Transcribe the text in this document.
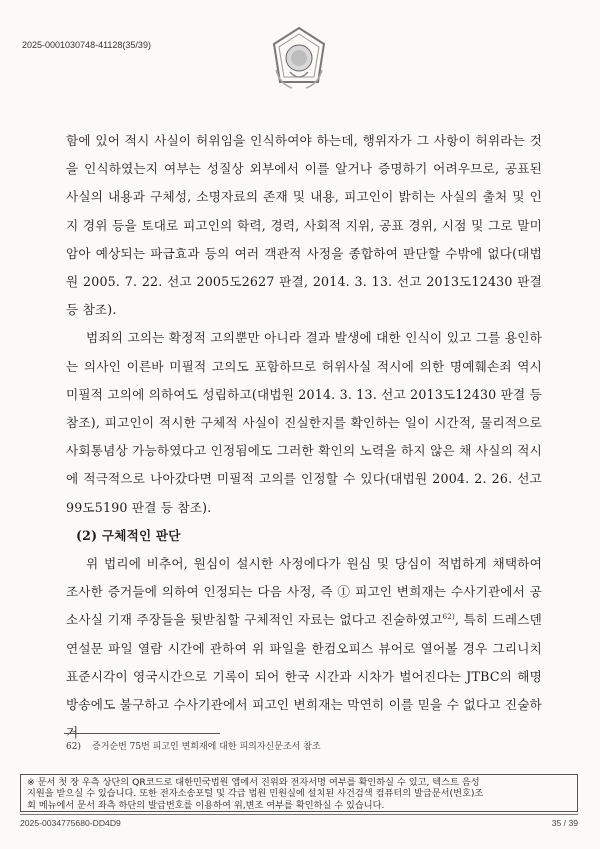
2025-0001030748-41128(35/39)

함에 있어 적시 사실이 허위임을 인식하여야 하는데, 행위자가 그 사항이 허위라는 것을 인식하였는지 여부는 성질상 외부에서 이를 알거나 증명하기 어려우므로, 공표된 사실의 내용과 구체성, 소명자료의 존재 및 내용, 피고인이 밝히는 사실의 출처 및 인지 경위 등을 토대로 피고인의 학력, 경력, 사회적 지위, 공표 경위, 시점 및 그로 말미암아 예상되는 파급효과 등의 여러 객관적 사정을 종합하여 판단할 수밖에 없다(대법원 2005. 7. 22. 선고 2005도2627 판결, 2014. 3. 13. 선고 2013도12430 판결 등 참조).

범죄의 고의는 확정적 고의뿐만 아니라 결과 발생에 대한 인식이 있고 그를 용인하는 의사인 이른바 미필적 고의도 포함하므로 허위사실 적시에 의한 명예훼손죄 역시 미필적 고의에 의하여도 성립하고(대법원 2014. 3. 13. 선고 2013도12430 판결 등 참조), 피고인이 적시한 구체적 사실이 진실한지를 확인하는 일이 시간적, 물리적으로 사회통념상 가능하였다고 인정됨에도 그러한 확인의 노력을 하지 않은 채 사실의 적시에 적극적으로 나아갔다면 미필적 고의를 인정할 수 있다(대법원 2004. 2. 26. 선고 99도5190 판결 등 참조).

(2) 구체적인 판단

위 법리에 비추어, 원심이 설시한 사정에다가 원심 및 당심이 적법하게 채택하여 조사한 증거들에 의하여 인정되는 다음 사정, 즉 ① 피고인 변희재는 수사기관에서 공소사실 기재 주장들을 뒷받침할 구체적인 자료는 없다고 진술하였고$^{62)}$, 특히 드레스덴 연설문 파일 열람 시간에 관하여 위 파일을 한컴오피스 뷰어로 열어볼 경우 그리니치 표준시각이 영국시간으로 기록이 되어 한국 시간과 시차가 벌어진다는 JTBC의 해명방송에도 불구하고 수사기관에서 피고인 변희재는 막연히 이를 믿을 수 없다고 진술하거

62) 증거순번 75번 피고인 변희재에 대한 피의자신문조서 참조
※ 문서 첫 장 우측 상단의 QR코드로 대한민국법원 앱에서 진위와 전자서명 여부를 확인하실 수 있고, 텍스트 음성
지원을 받으실 수 있습니다. 또한 전자소송포털 및 각급 법원 민원실에 설치된 사건검색 컴퓨터의 발급문서(번호)조
회 메뉴에서 문서 좌측 하단의 발급번호를 이용하여 위,변조 여부를 확인하실 수 있습니다.
2025-0034775680-DD4D9	35 / 39
